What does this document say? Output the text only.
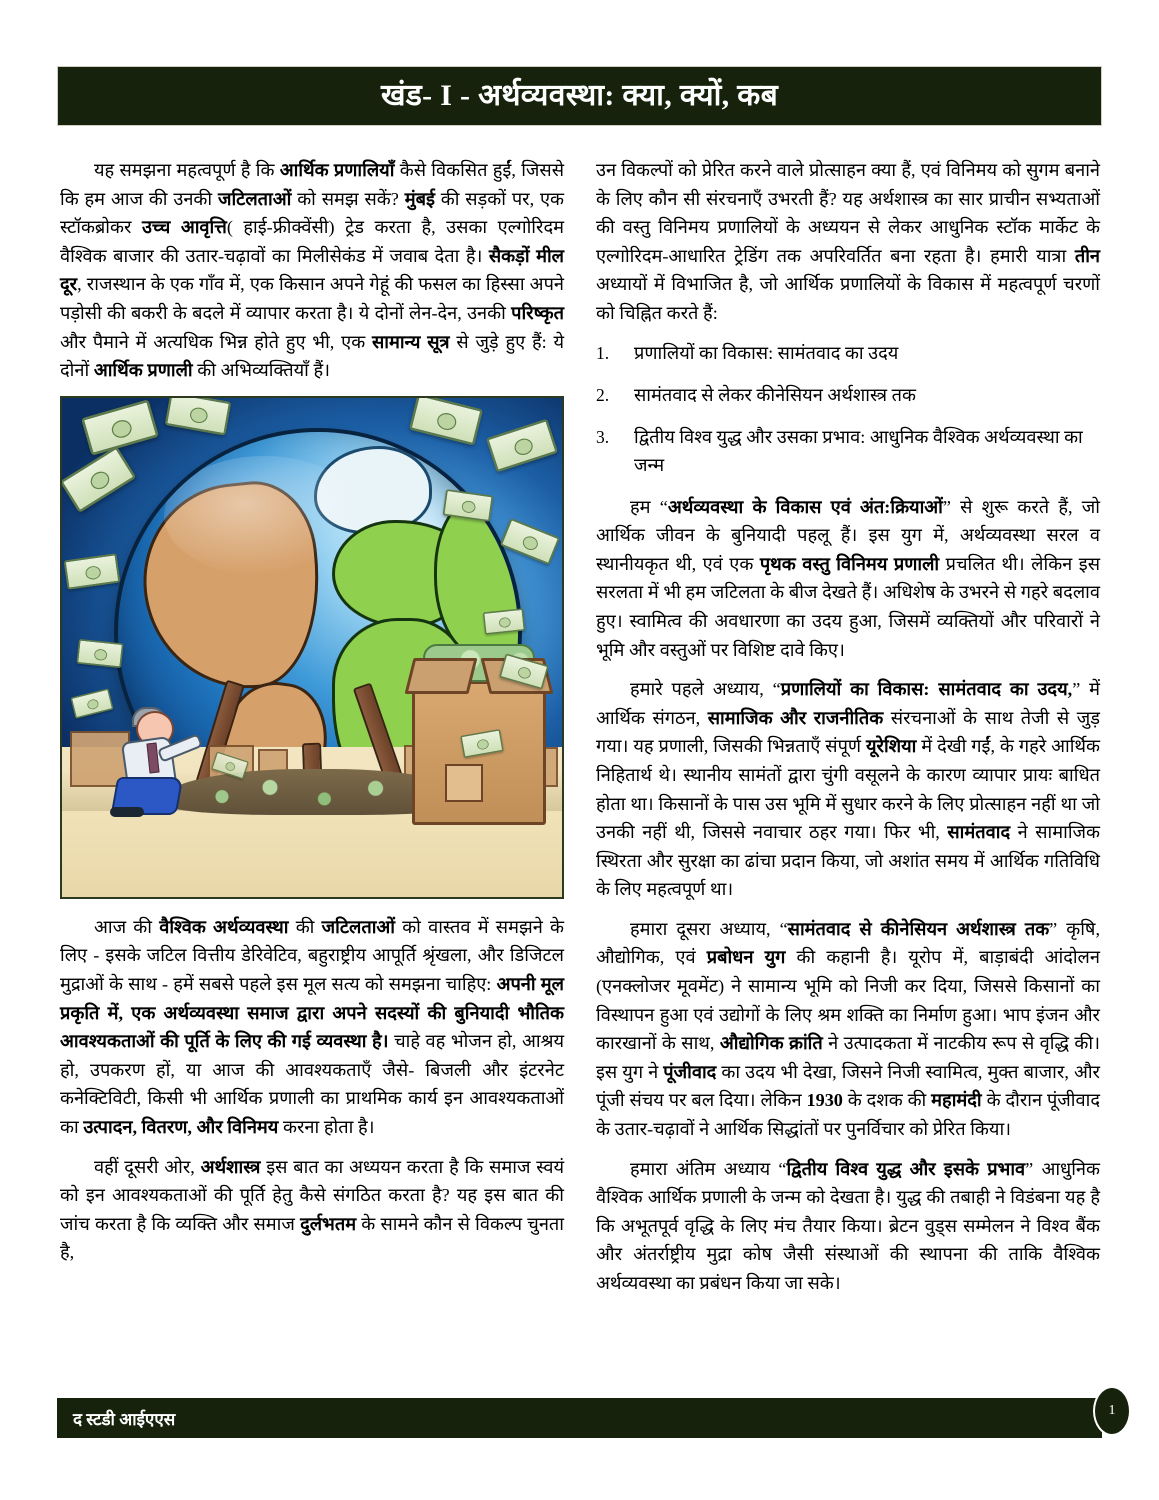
खंड- I - अर्थव्यवस्था: क्या, क्यों, कब

यह समझना महत्वपूर्ण है कि आर्थिक प्रणालियाँ कैसे विकसित हुईं, जिससे कि हम आज की उनकी जटिलताओं को समझ सकें? मुंबई की सड़कों पर, एक स्टॉकब्रोकर उच्च आवृत्ति( हाई-फ्रीक्वेंसी) ट्रेड करता है, उसका एल्गोरिदम वैश्विक बाजार की उतार-चढ़ावों का मिलीसेकंड में जवाब देता है। सैकड़ों मील दूर, राजस्थान के एक गाँव में, एक किसान अपने गेहूं की फसल का हिस्सा अपने पड़ोसी की बकरी के बदले में व्यापार करता है। ये दोनों लेन-देन, उनकी परिष्कृत और पैमाने में अत्यधिक भिन्न होते हुए भी, एक सामान्य सूत्र से जुड़े हुए हैं: ये दोनों आर्थिक प्रणाली की अभिव्यक्तियाँ हैं।

आज की वैश्विक अर्थव्यवस्था की जटिलताओं को वास्तव में समझने के लिए - इसके जटिल वित्तीय डेरिवेटिव, बहुराष्ट्रीय आपूर्ति श्रृंखला, और डिजिटल मुद्राओं के साथ - हमें सबसे पहले इस मूल सत्य को समझना चाहिए: अपनी मूल प्रकृति में, एक अर्थव्यवस्था समाज द्वारा अपने सदस्यों की बुनियादी भौतिक आवश्यकताओं की पूर्ति के लिए की गई व्यवस्था है। चाहे वह भोजन हो, आश्रय हो, उपकरण हों, या आज की आवश्यकताएँ जैसे- बिजली और इंटरनेट कनेक्टिविटी, किसी भी आर्थिक प्रणाली का प्राथमिक कार्य इन आवश्यकताओं का उत्पादन, वितरण, और विनिमय करना होता है।

वहीं दूसरी ओर, अर्थशास्त्र इस बात का अध्ययन करता है कि समाज स्वयं को इन आवश्यकताओं की पूर्ति हेतु कैसे संगठित करता है? यह इस बात की जांच करता है कि व्यक्ति और समाज दुर्लभतम के सामने कौन से विकल्प चुनता है,

उन विकल्पों को प्रेरित करने वाले प्रोत्साहन क्या हैं, एवं विनिमय को सुगम बनाने के लिए कौन सी संरचनाएँ उभरती हैं? यह अर्थशास्त्र का सार प्राचीन सभ्यताओं की वस्तु विनिमय प्रणालियों के अध्ययन से लेकर आधुनिक स्टॉक मार्केट के एल्गोरिदम-आधारित ट्रेडिंग तक अपरिवर्तित बना रहता है। हमारी यात्रा तीन अध्यायों में विभाजित है, जो आर्थिक प्रणालियों के विकास में महत्वपूर्ण चरणों को चिह्नित करते हैं:

1.	प्रणालियों का विकास: सामंतवाद का उदय
2.	सामंतवाद से लेकर कीनेसियन अर्थशास्त्र तक
3.	द्वितीय विश्व युद्ध और उसका प्रभाव: आधुनिक वैश्विक अर्थव्यवस्था का जन्म

हम “अर्थव्यवस्था के विकास एवं अंत:क्रियाओं” से शुरू करते हैं, जो आर्थिक जीवन के बुनियादी पहलू हैं। इस युग में, अर्थव्यवस्था सरल व स्थानीयकृत थी, एवं एक पृथक वस्तु विनिमय प्रणाली प्रचलित थी। लेकिन इस सरलता में भी हम जटिलता के बीज देखते हैं। अधिशेष के उभरने से गहरे बदलाव हुए। स्वामित्व की अवधारणा का उदय हुआ, जिसमें व्यक्तियों और परिवारों ने भूमि और वस्तुओं पर विशिष्ट दावे किए।

हमारे पहले अध्याय, “प्रणालियों का विकास: सामंतवाद का उदय,” में आर्थिक संगठन, सामाजिक और राजनीतिक संरचनाओं के साथ तेजी से जुड़ गया। यह प्रणाली, जिसकी भिन्नताएँ संपूर्ण यूरेशिया में देखी गईं, के गहरे आर्थिक निहितार्थ थे। स्थानीय सामंतों द्वारा चुंगी वसूलने के कारण व्यापार प्रायः बाधित होता था। किसानों के पास उस भूमि में सुधार करने के लिए प्रोत्साहन नहीं था जो उनकी नहीं थी, जिससे नवाचार ठहर गया। फिर भी, सामंतवाद ने सामाजिक स्थिरता और सुरक्षा का ढांचा प्रदान किया, जो अशांत समय में आर्थिक गतिविधि के लिए महत्वपूर्ण था।

हमारा दूसरा अध्याय, “सामंतवाद से कीनेसियन अर्थशास्त्र तक” कृषि, औद्योगिक, एवं प्रबोधन युग की कहानी है। यूरोप में, बाड़ाबंदी आंदोलन (एनक्लोजर मूवमेंट) ने सामान्य भूमि को निजी कर दिया, जिससे किसानों का विस्थापन हुआ एवं उद्योगों के लिए श्रम शक्ति का निर्माण हुआ। भाप इंजन और कारखानों के साथ, औद्योगिक क्रांति ने उत्पादकता में नाटकीय रूप से वृद्धि की। इस युग ने पूंजीवाद का उदय भी देखा, जिसने निजी स्वामित्व, मुक्त बाजार, और पूंजी संचय पर बल दिया। लेकिन 1930 के दशक की महामंदी के दौरान पूंजीवाद के उतार-चढ़ावों ने आर्थिक सिद्धांतों पर पुनर्विचार को प्रेरित किया।

हमारा अंतिम अध्याय “द्वितीय विश्व युद्ध और इसके प्रभाव” आधुनिक वैश्विक आर्थिक प्रणाली के जन्म को देखता है। युद्ध की तबाही ने विडंबना यह है कि अभूतपूर्व वृद्धि के लिए मंच तैयार किया। ब्रेटन वुड्स सम्मेलन ने विश्व बैंक और अंतर्राष्ट्रीय मुद्रा कोष जैसी संस्थाओं की स्थापना की ताकि वैश्विक अर्थव्यवस्था का प्रबंधन किया जा सके।

द स्टडी आईएएस	1
